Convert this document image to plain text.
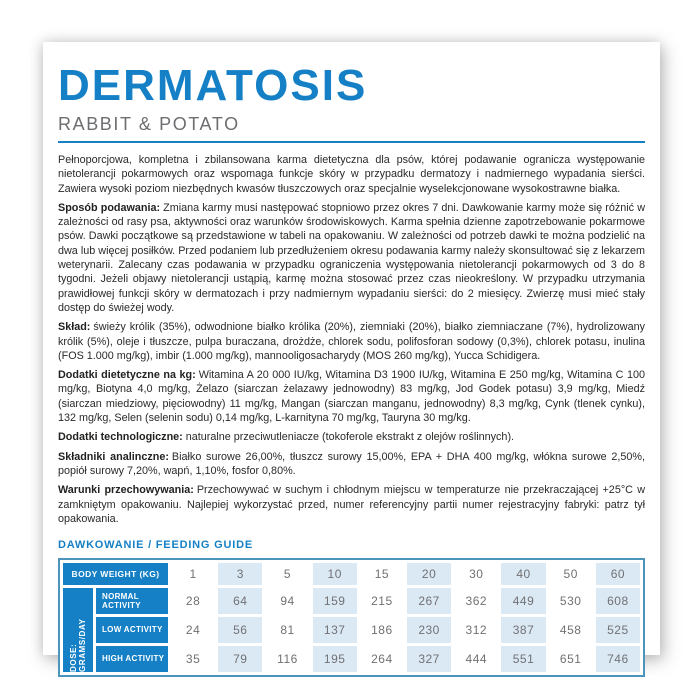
DERMATOSIS
RABBIT & POTATO

Pełnoporcjowa, kompletna i zbilansowana karma dietetyczna dla psów, której podawanie ogranicza występowanie nietolerancji pokarmowych oraz wspomaga funkcje skóry w przypadku dermatozy i nadmiernego wypadania sierści. Zawiera wysoki poziom niezbędnych kwasów tłuszczowych oraz specjalnie wyselekcjonowane wysokostrawne białka.

Sposób podawania: Zmiana karmy musi następować stopniowo przez okres 7 dni. Dawkowanie karmy może się różnić w zależności od rasy psa, aktywności oraz warunków środowiskowych. Karma spełnia dzienne zapotrzebowanie pokarmowe psów. Dawki początkowe są przedstawione w tabeli na opakowaniu. W zależności od potrzeb dawki te można podzielić na dwa lub więcej posiłków. Przed podaniem lub przedłużeniem okresu podawania karmy należy skonsultować się z lekarzem weterynarii. Zalecany czas podawania w przypadku ograniczenia występowania nietolerancji pokarmowych od 3 do 8 tygodni. Jeżeli objawy nietolerancji ustąpią, karmę można stosować przez czas nieokreślony. W przypadku utrzymania prawidłowej funkcji skóry w dermatozach i przy nadmiernym wypadaniu sierści: do 2 miesięcy. Zwierzę musi mieć stały dostęp do świeżej wody.

Skład: świeży królik (35%), odwodnione białko królika (20%), ziemniaki (20%), białko ziemniaczane (7%), hydrolizowany królik (5%), oleje i tłuszcze, pulpa buraczana, drożdże, chlorek sodu, polifosforan sodowy (0,3%), chlorek potasu, inulina (FOS 1.000 mg/kg), imbir (1.000 mg/kg), mannooligosacharydy (MOS 260 mg/kg), Yucca Schidigera.

Dodatki dietetyczne na kg: Witamina A 20 000 IU/kg, Witamina D3 1900 IU/kg, Witamina E 250 mg/kg, Witamina C 100 mg/kg, Biotyna 4,0 mg/kg, Żelazo (siarczan żelazawy jednowodny) 83 mg/kg, Jod Godek potasu) 3,9 mg/kg, Miedź (siarczan miedziowy, pięciowodny) 11 mg/kg, Mangan (siarczan manganu, jednowodny) 8,3 mg/kg, Cynk (tlenek cynku), 132 mg/kg, Selen (selenin sodu) 0,14 mg/kg, L-karnityna 70 mg/kg, Tauryna 30 mg/kg.

Dodatki technologiczne: naturalne przeciwutleniacze (tokoferole ekstrakt z olejów roślinnych).

Składniki analinczne: Białko surowe 26,00%, tłuszcz surowy 15,00%, EPA + DHA 400 mg/kg, włókna surowe 2,50%, popiół surowy 7,20%, wapń, 1,10%, fosfor 0,80%.

Warunki przechowywania: Przechowywać w suchym i chłodnym miejscu w temperaturze nie przekraczającej +25°C w zamkniętym opakowaniu. Najlepiej wykorzystać przed, numer referencyjny partii numer rejestracyjny fabryki: patrz tył opakowania.

DAWKOWANIE / FEEDING GUIDE
BODY WEIGHT (KG)	1	3	5	10	15	20	30	40	50	60
DOSE: GRAMS/DAY
NORMAL ACTIVITY	28	64	94	159	215	267	362	449	530	608
LOW ACTIVITY	24	56	81	137	186	230	312	387	458	525
HIGH ACTIVITY	35	79	116	195	264	327	444	551	651	746
